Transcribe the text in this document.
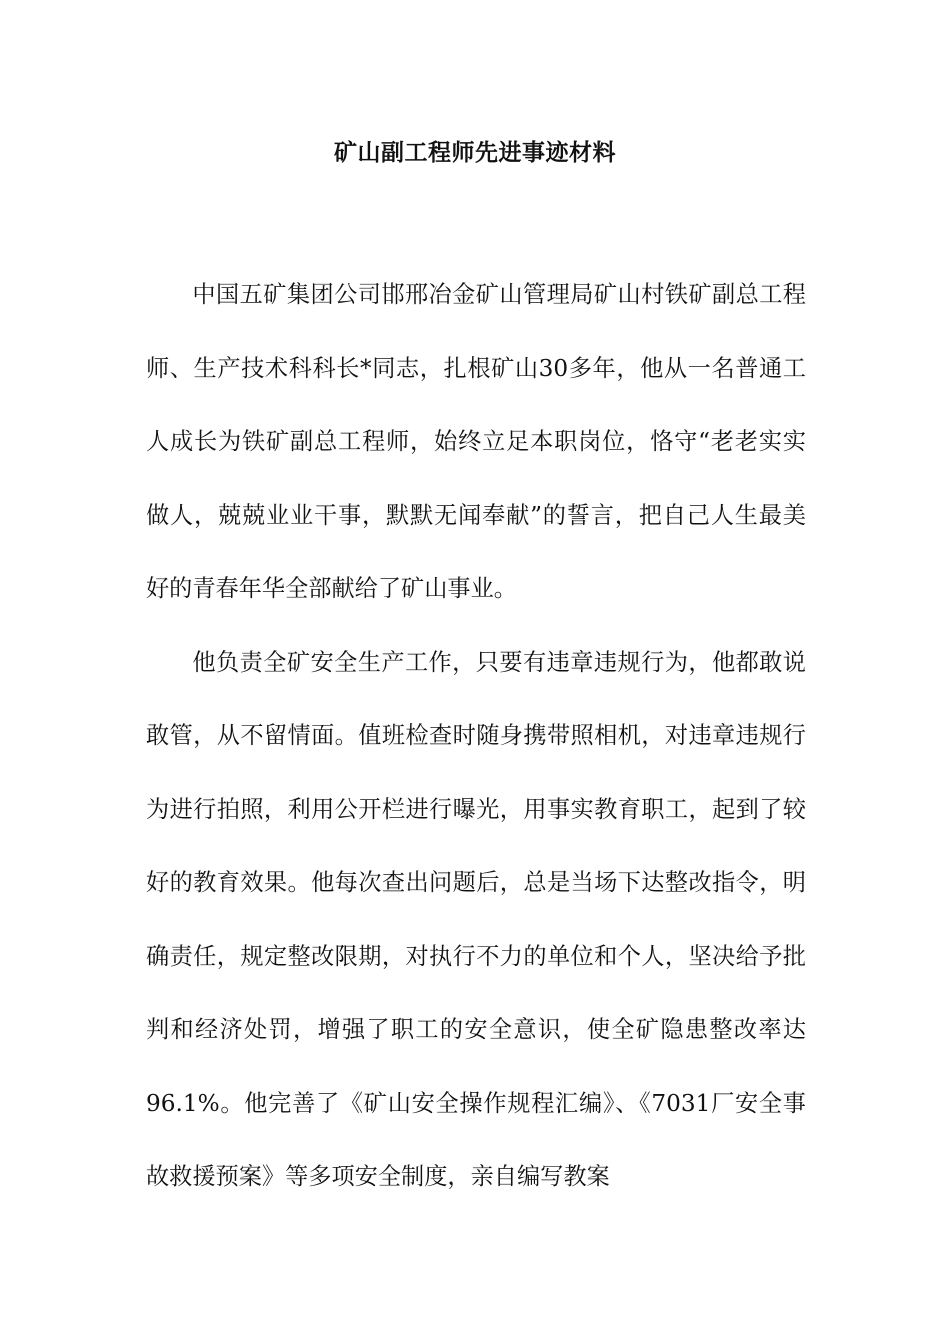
矿山副工程师先进事迹材料

中国五矿集团公司邯邢冶金矿山管理局矿山村铁矿副总工程师、生产技术科科长*同志，扎根矿山30多年，他从一名普通工人成长为铁矿副总工程师，始终立足本职岗位，恪守“老老实实做人，兢兢业业干事，默默无闻奉献”的誓言，把自己人生最美好的青春年华全部献给了矿山事业。

他负责全矿安全生产工作，只要有违章违规行为，他都敢说敢管，从不留情面。值班检查时随身携带照相机，对违章违规行为进行拍照，利用公开栏进行曝光，用事实教育职工，起到了较好的教育效果。他每次查出问题后，总是当场下达整改指令，明确责任，规定整改限期，对执行不力的单位和个人，坚决给予批判和经济处罚，增强了职工的安全意识，使全矿隐患整改率达96.1%。他完善了《矿山安全操作规程汇编》、《7031厂安全事故救援预案》等多项安全制度，亲自编写教案
